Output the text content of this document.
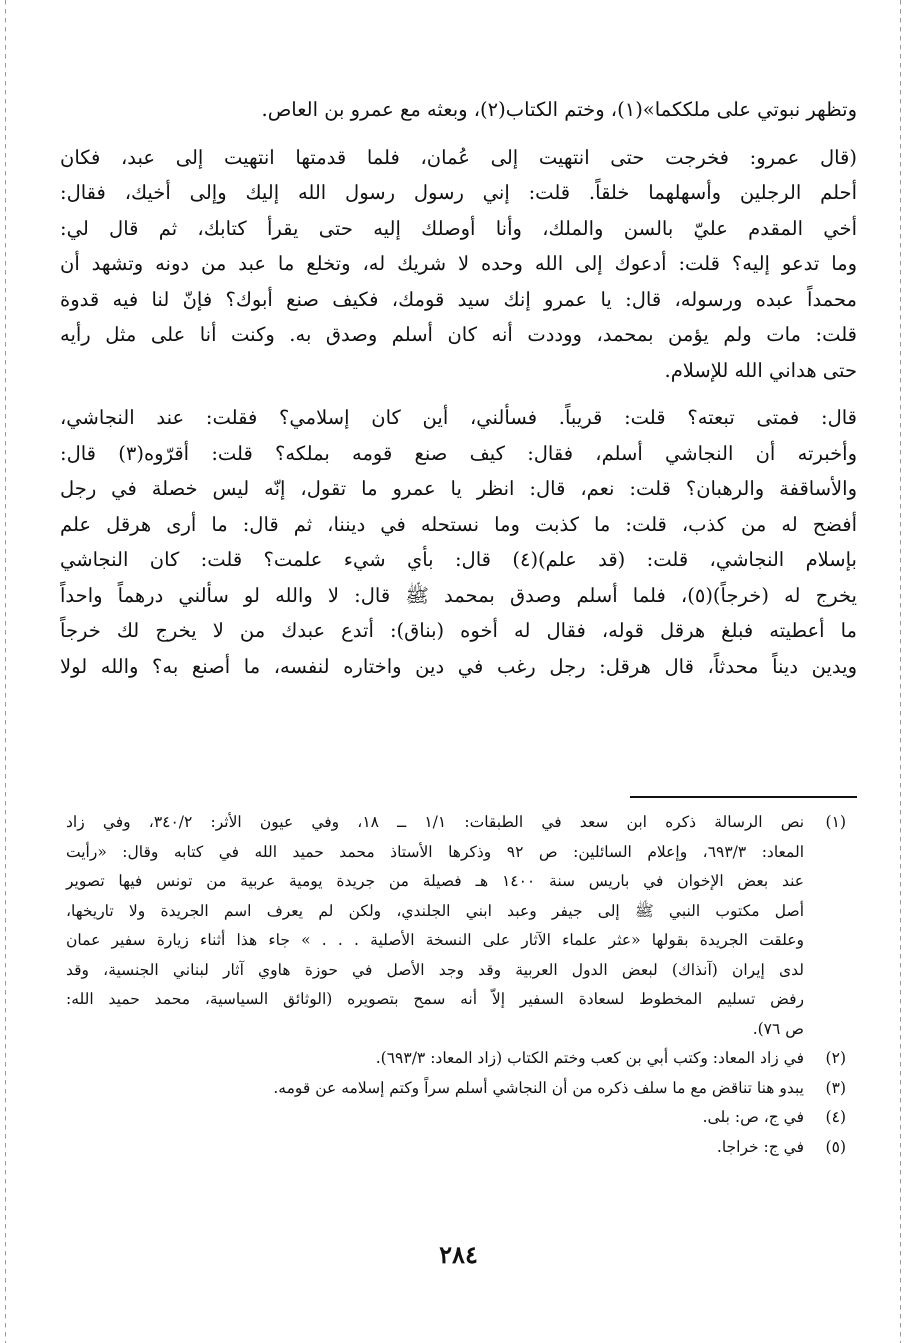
وتظهر نبوتي على ملككما»(١)، وختم الكتاب(٢)، وبعثه مع عمرو بن العاص.

(قال عمرو: فخرجت حتى انتهيت إلى عُمان، فلما قدمتها انتهيت إلى عبد، فكان
أحلم الرجلين وأسهلهما خلقاً. قلت: إني رسول رسول الله إليك وإلى أخيك، فقال:
أخي المقدم عليّ بالسن والملك، وأنا أوصلك إليه حتى يقرأ كتابك، ثم قال لي:
وما تدعو إليه؟ قلت: أدعوك إلى الله وحده لا شريك له، وتخلع ما عبد من دونه وتشهد أن
محمداً عبده ورسوله، قال: يا عمرو إنك سيد قومك، فكيف صنع أبوك؟ فإنّ لنا فيه قدوة
قلت: مات ولم يؤمن بمحمد، ووددت أنه كان أسلم وصدق به. وكنت أنا على مثل رأيه
حتى هداني الله للإسلام.

قال: فمتى تبعته؟ قلت: قريباً. فسألني، أين كان إسلامي؟ فقلت: عند النجاشي،
وأخبرته أن النجاشي أسلم، فقال: كيف صنع قومه بملكه؟ قلت: أقرّوه(٣) قال:
والأساقفة والرهبان؟ قلت: نعم، قال: انظر يا عمرو ما تقول، إنّه ليس خصلة في رجل
أفضح له من كذب، قلت: ما كذبت وما نستحله في ديننا، ثم قال: ما أرى هرقل علم
بإسلام النجاشي، قلت: (قد علم)(٤) قال: بأي شيء علمت؟ قلت: كان النجاشي
يخرج له (خرجاً)(٥)، فلما أسلم وصدق بمحمد ﷺ قال: لا والله لو سألني درهماً واحداً
ما أعطيته فبلغ هرقل قوله، فقال له أخوه (بناق): أتدع عبدك من لا يخرج لك خرجاً
ويدين ديناً محدثاً، قال هرقل: رجل رغب في دين واختاره لنفسه، ما أصنع به؟ والله لولا

(١)
نص الرسالة ذكره ابن سعد في الطبقات: ١/١ ــ ١٨، وفي عيون الأثر: ٣٤٠/٢، وفي زاد
المعاد: ٦٩٣/٣، وإعلام السائلين: ص ٩٢ وذكرها الأستاذ محمد حميد الله في كتابه وقال: «رأيت
عند بعض الإخوان في باريس سنة ١٤٠٠ هـ فصيلة من جريدة يومية عربية من تونس فيها تصوير
أصل مكتوب النبي ﷺ إلى جيفر وعبد ابني الجلندي، ولكن لم يعرف اسم الجريدة ولا تاريخها،
وعلقت الجريدة بقولها «عثر علماء الآثار على النسخة الأصلية . . . » جاء هذا أثناء زيارة سفير عمان
لدى إيران (آنذاك) لبعض الدول العربية وقد وجد الأصل في حوزة هاوي آثار لبناني الجنسية، وقد
رفض تسليم المخطوط لسعادة السفير إلاّ أنه سمح بتصويره (الوثائق السياسية، محمد حميد الله:
ص ٧٦).
(٢)
في زاد المعاد: وكتب أبي بن كعب وختم الكتاب (زاد المعاد: ٦٩٣/٣).
(٣)
يبدو هنا تناقض مع ما سلف ذكره من أن النجاشي أسلم سراً وكتم إسلامه عن قومه.
(٤)
في ج، ص: بلى.
(٥)
في ج: خراجا.
٢٨٤
